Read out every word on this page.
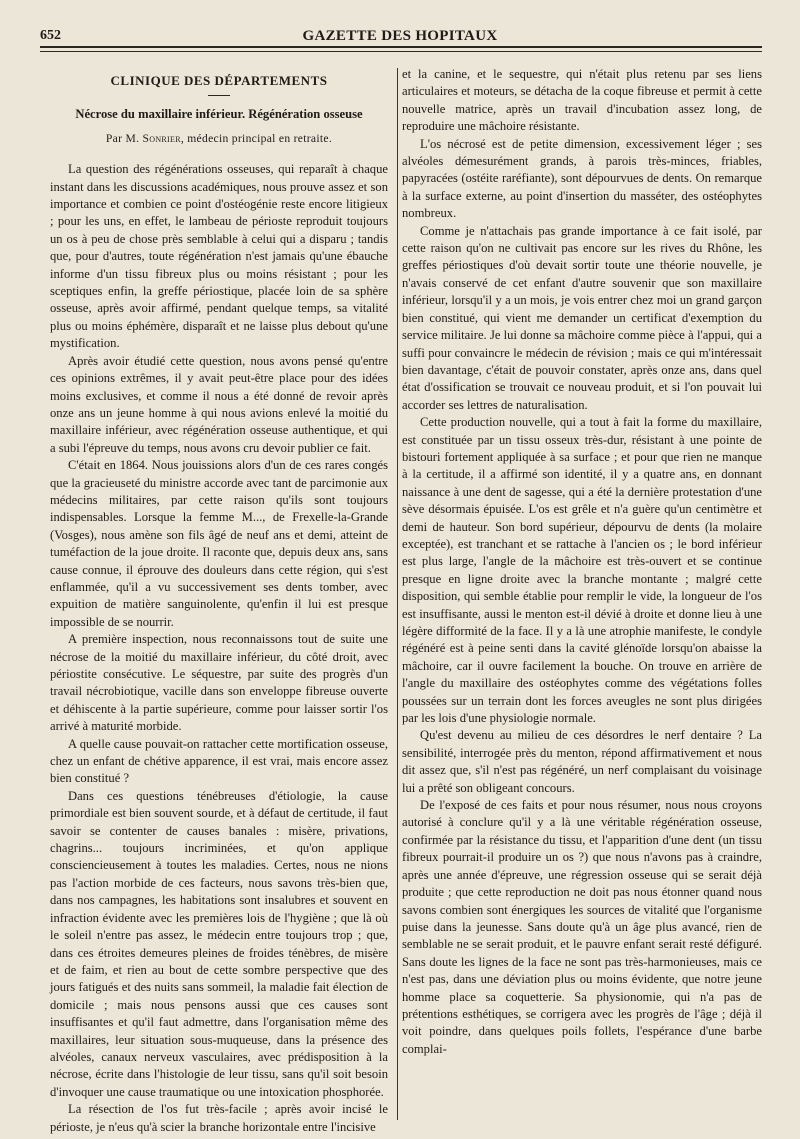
652	GAZETTE DES HOPITAUX
CLINIQUE DES DÉPARTEMENTS
Nécrose du maxillaire inférieur. Régénération osseuse
Par M. Sonrier, médecin principal en retraite.

La question des régénérations osseuses, qui reparaît à chaque instant dans les discussions académiques, nous prouve assez et son importance et combien ce point d'ostéogénie reste encore litigieux ; pour les uns, en effet, le lambeau de périoste reproduit toujours un os à peu de chose près semblable à celui qui a disparu ; tandis que, pour d'autres, toute régénération n'est jamais qu'une ébauche informe d'un tissu fibreux plus ou moins résistant ; pour les sceptiques enfin, la greffe périostique, placée loin de sa sphère osseuse, après avoir affirmé, pendant quelque temps, sa vitalité plus ou moins éphémère, disparaît et ne laisse plus debout qu'une mystification.

Après avoir étudié cette question, nous avons pensé qu'entre ces opinions extrêmes, il y avait peut-être place pour des idées moins exclusives, et comme il nous a été donné de revoir après onze ans un jeune homme à qui nous avions enlevé la moitié du maxillaire inférieur, avec régénération osseuse authentique, et qui a subi l'épreuve du temps, nous avons cru devoir publier ce fait.

C'était en 1864. Nous jouissions alors d'un de ces rares congés que la gracieuseté du ministre accorde avec tant de parcimonie aux médecins militaires, par cette raison qu'ils sont toujours indispensables. Lorsque la femme M..., de Frexelle-la-Grande (Vosges), nous amène son fils âgé de neuf ans et demi, atteint de tuméfaction de la joue droite. Il raconte que, depuis deux ans, sans cause connue, il éprouve des douleurs dans cette région, qui s'est enflammée, qu'il a vu successivement ses dents tomber, avec expuition de matière sanguinolente, qu'enfin il lui est presque impossible de se nourrir.

A première inspection, nous reconnaissons tout de suite une nécrose de la moitié du maxillaire inférieur, du côté droit, avec périostite consécutive. Le séquestre, par suite des progrès d'un travail nécrobiotique, vacille dans son enveloppe fibreuse ouverte et déhiscente à la partie supérieure, comme pour laisser sortir l'os arrivé à maturité morbide.

A quelle cause pouvait-on rattacher cette mortification osseuse, chez un enfant de chétive apparence, il est vrai, mais encore assez bien constitué ?

Dans ces questions ténébreuses d'étiologie, la cause primordiale est bien souvent sourde, et à défaut de certitude, il faut savoir se contenter de causes banales : misère, privations, chagrins... toujours incriminées, et qu'on applique consciencieusement à toutes les maladies. Certes, nous ne nions pas l'action morbide de ces facteurs, nous savons très-bien que, dans nos campagnes, les habitations sont insalubres et souvent en infraction évidente avec les premières lois de l'hygiène ; que là où le soleil n'entre pas assez, le médecin entre toujours trop ; que, dans ces étroites demeures pleines de froides ténèbres, de misère et de faim, et rien au bout de cette sombre perspective que des jours fatigués et des nuits sans sommeil, la maladie fait élection de domicile ; mais nous pensons aussi que ces causes sont insuffisantes et qu'il faut admettre, dans l'organisation même des maxillaires, leur situation sous-muqueuse, dans la présence des alvéoles, canaux nerveux vasculaires, avec prédisposition à la nécrose, écrite dans l'histologie de leur tissu, sans qu'il soit besoin d'invoquer une cause traumatique ou une intoxication phosphorée.

La résection de l'os fut très-facile ; après avoir incisé le périoste, je n'eus qu'à scier la branche horizontale entre l'incisive

et la canine, et le sequestre, qui n'était plus retenu par ses liens articulaires et moteurs, se détacha de la coque fibreuse et permit à cette nouvelle matrice, après un travail d'incubation assez long, de reproduire une mâchoire résistante.

L'os nécrosé est de petite dimension, excessivement léger ; ses alvéoles démesurément grands, à parois très-minces, friables, papyracées (ostéite raréfiante), sont dépourvues de dents. On remarque à la surface externe, au point d'insertion du masséter, des ostéophytes nombreux.

Comme je n'attachais pas grande importance à ce fait isolé, par cette raison qu'on ne cultivait pas encore sur les rives du Rhône, les greffes périostiques d'où devait sortir toute une théorie nouvelle, je n'avais conservé de cet enfant d'autre souvenir que son maxillaire inférieur, lorsqu'il y a un mois, je vois entrer chez moi un grand garçon bien constitué, qui vient me demander un certificat d'exemption du service militaire. Je lui donne sa mâchoire comme pièce à l'appui, qui a suffi pour convaincre le médecin de révision ; mais ce qui m'intéressait bien davantage, c'était de pouvoir constater, après onze ans, dans quel état d'ossification se trouvait ce nouveau produit, et si l'on pouvait lui accorder ses lettres de naturalisation.

Cette production nouvelle, qui a tout à fait la forme du maxillaire, est constituée par un tissu osseux très-dur, résistant à une pointe de bistouri fortement appliquée à sa surface ; et pour que rien ne manque à la certitude, il a affirmé son identité, il y a quatre ans, en donnant naissance à une dent de sagesse, qui a été la dernière protestation d'une sève désormais épuisée. L'os est grêle et n'a guère qu'un centimètre et demi de hauteur. Son bord supérieur, dépourvu de dents (la molaire exceptée), est tranchant et se rattache à l'ancien os ; le bord inférieur est plus large, l'angle de la mâchoire est très-ouvert et se continue presque en ligne droite avec la branche montante ; malgré cette disposition, qui semble établie pour remplir le vide, la longueur de l'os est insuffisante, aussi le menton est-il dévié à droite et donne lieu à une légère difformité de la face. Il y a là une atrophie manifeste, le condyle régénéré est à peine senti dans la cavité glénoïde lorsqu'on abaisse la mâchoire, car il ouvre facilement la bouche. On trouve en arrière de l'angle du maxillaire des ostéophytes comme des végétations folles poussées sur un terrain dont les forces aveugles ne sont plus dirigées par les lois d'une physiologie normale.

Qu'est devenu au milieu de ces désordres le nerf dentaire ? La sensibilité, interrogée près du menton, répond affirmativement et nous dit assez que, s'il n'est pas régénéré, un nerf complaisant du voisinage lui a prêté son obligeant concours.

De l'exposé de ces faits et pour nous résumer, nous nous croyons autorisé à conclure qu'il y a là une véritable régénération osseuse, confirmée par la résistance du tissu, et l'apparition d'une dent (un tissu fibreux pourrait-il produire un os ?) que nous n'avons pas à craindre, après une année d'épreuve, une régression osseuse qui se serait déjà produite ; que cette reproduction ne doit pas nous étonner quand nous savons combien sont énergiques les sources de vitalité que l'organisme puise dans la jeunesse. Sans doute qu'à un âge plus avancé, rien de semblable ne se serait produit, et le pauvre enfant serait resté défiguré. Sans doute les lignes de la face ne sont pas très-harmonieuses, mais ce n'est pas, dans une déviation plus ou moins évidente, que notre jeune homme place sa coquetterie. Sa physionomie, qui n'a pas de prétentions esthétiques, se corrigera avec les progrès de l'âge ; déjà il voit poindre, dans quelques poils follets, l'espérance d'une barbe complai-
